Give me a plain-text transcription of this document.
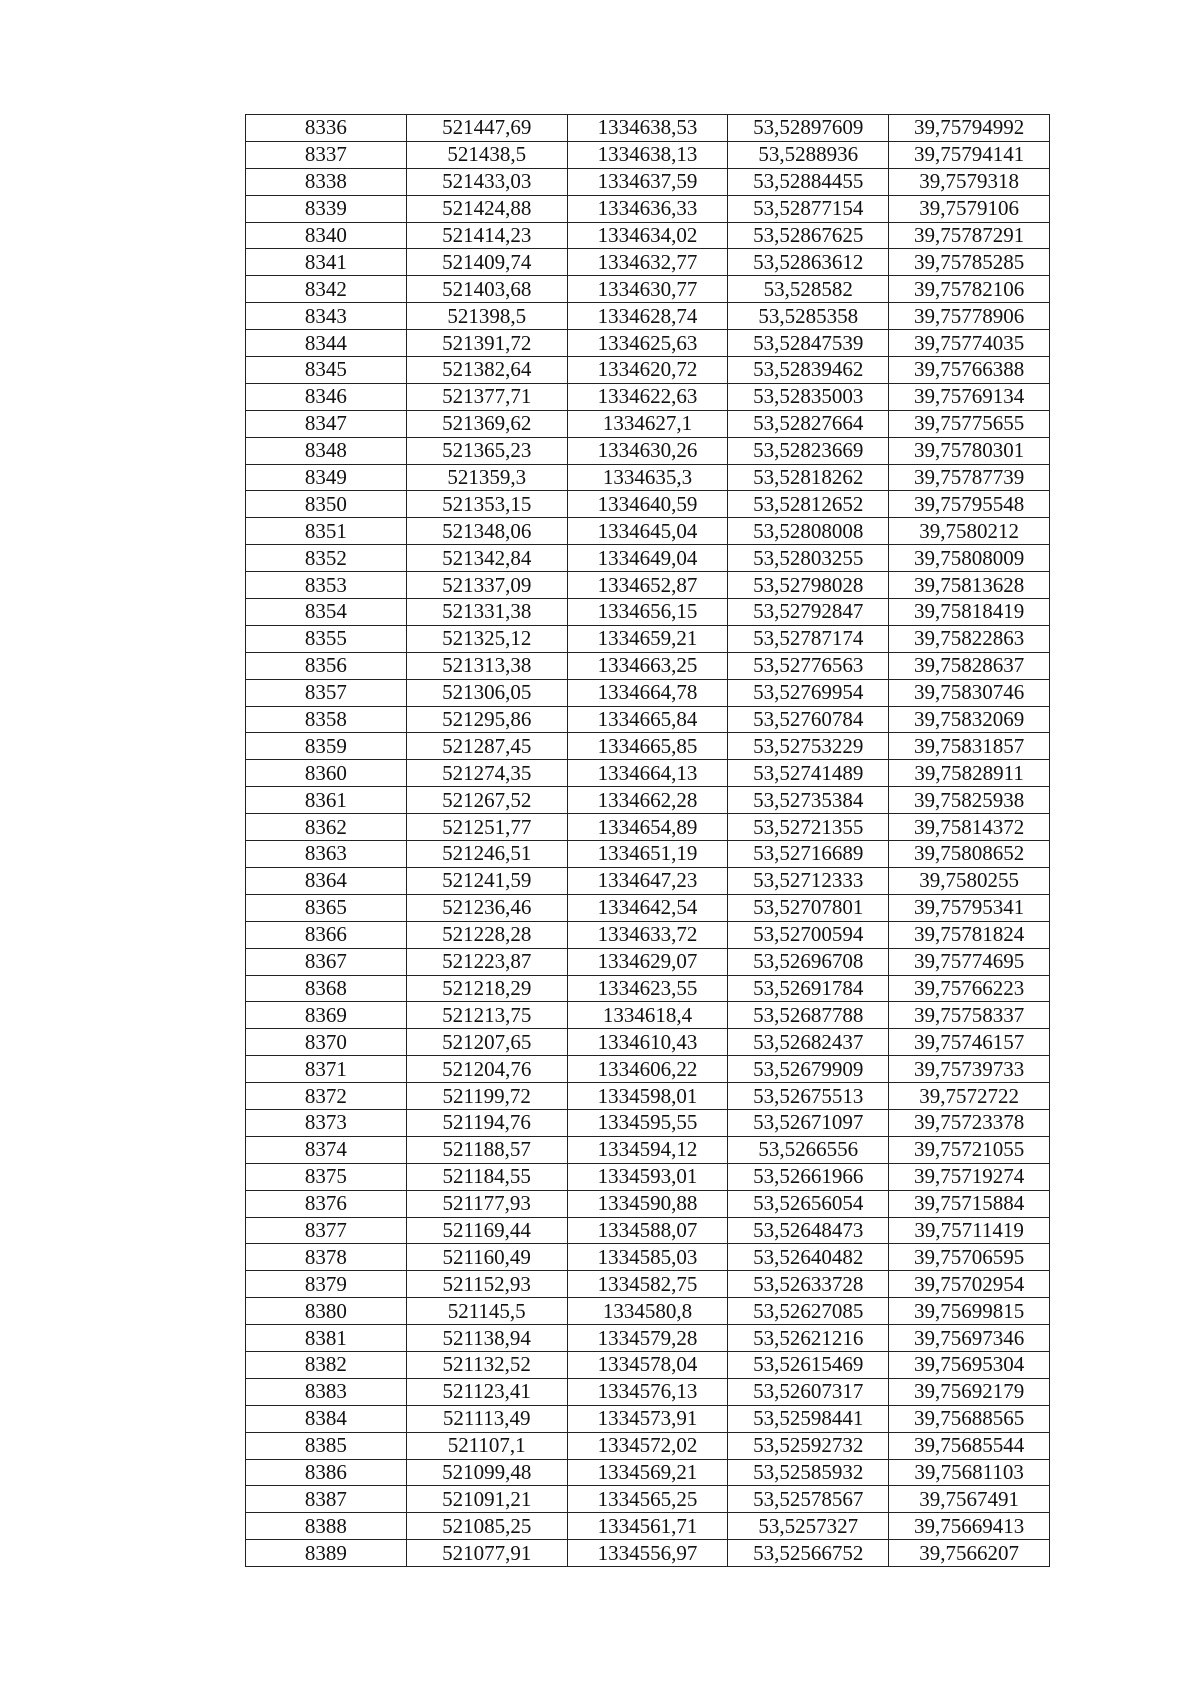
8336	521447,69	1334638,53	53,52897609	39,75794992
8337	521438,5	1334638,13	53,5288936	39,75794141
8338	521433,03	1334637,59	53,52884455	39,7579318
8339	521424,88	1334636,33	53,52877154	39,7579106
8340	521414,23	1334634,02	53,52867625	39,75787291
8341	521409,74	1334632,77	53,52863612	39,75785285
8342	521403,68	1334630,77	53,528582	39,75782106
8343	521398,5	1334628,74	53,5285358	39,75778906
8344	521391,72	1334625,63	53,52847539	39,75774035
8345	521382,64	1334620,72	53,52839462	39,75766388
8346	521377,71	1334622,63	53,52835003	39,75769134
8347	521369,62	1334627,1	53,52827664	39,75775655
8348	521365,23	1334630,26	53,52823669	39,75780301
8349	521359,3	1334635,3	53,52818262	39,75787739
8350	521353,15	1334640,59	53,52812652	39,75795548
8351	521348,06	1334645,04	53,52808008	39,7580212
8352	521342,84	1334649,04	53,52803255	39,75808009
8353	521337,09	1334652,87	53,52798028	39,75813628
8354	521331,38	1334656,15	53,52792847	39,75818419
8355	521325,12	1334659,21	53,52787174	39,75822863
8356	521313,38	1334663,25	53,52776563	39,75828637
8357	521306,05	1334664,78	53,52769954	39,75830746
8358	521295,86	1334665,84	53,52760784	39,75832069
8359	521287,45	1334665,85	53,52753229	39,75831857
8360	521274,35	1334664,13	53,52741489	39,75828911
8361	521267,52	1334662,28	53,52735384	39,75825938
8362	521251,77	1334654,89	53,52721355	39,75814372
8363	521246,51	1334651,19	53,52716689	39,75808652
8364	521241,59	1334647,23	53,52712333	39,7580255
8365	521236,46	1334642,54	53,52707801	39,75795341
8366	521228,28	1334633,72	53,52700594	39,75781824
8367	521223,87	1334629,07	53,52696708	39,75774695
8368	521218,29	1334623,55	53,52691784	39,75766223
8369	521213,75	1334618,4	53,52687788	39,75758337
8370	521207,65	1334610,43	53,52682437	39,75746157
8371	521204,76	1334606,22	53,52679909	39,75739733
8372	521199,72	1334598,01	53,52675513	39,7572722
8373	521194,76	1334595,55	53,52671097	39,75723378
8374	521188,57	1334594,12	53,5266556	39,75721055
8375	521184,55	1334593,01	53,52661966	39,75719274
8376	521177,93	1334590,88	53,52656054	39,75715884
8377	521169,44	1334588,07	53,52648473	39,75711419
8378	521160,49	1334585,03	53,52640482	39,75706595
8379	521152,93	1334582,75	53,52633728	39,75702954
8380	521145,5	1334580,8	53,52627085	39,75699815
8381	521138,94	1334579,28	53,52621216	39,75697346
8382	521132,52	1334578,04	53,52615469	39,75695304
8383	521123,41	1334576,13	53,52607317	39,75692179
8384	521113,49	1334573,91	53,52598441	39,75688565
8385	521107,1	1334572,02	53,52592732	39,75685544
8386	521099,48	1334569,21	53,52585932	39,75681103
8387	521091,21	1334565,25	53,52578567	39,7567491
8388	521085,25	1334561,71	53,5257327	39,75669413
8389	521077,91	1334556,97	53,52566752	39,7566207
